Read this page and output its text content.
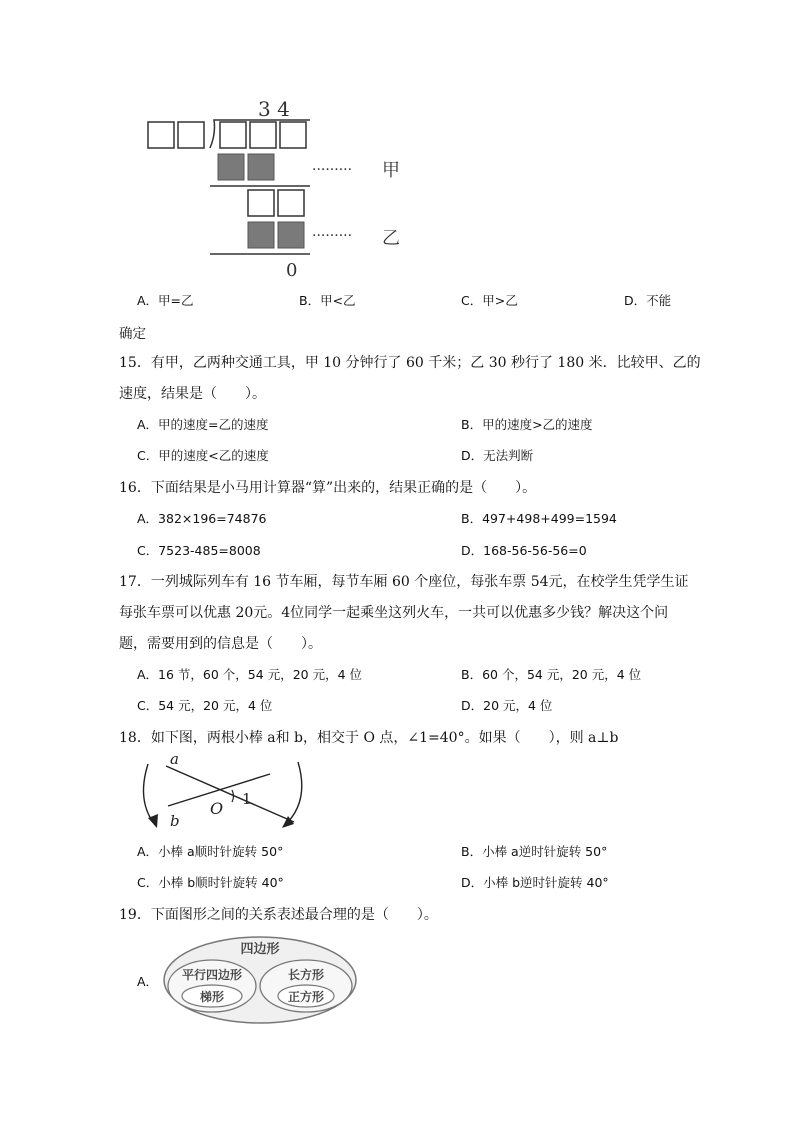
3 4
········· 甲
········· 乙
0
A．甲=乙	B．甲<乙	C．甲>乙	D．不能
确定
15．有甲，乙两种交通工具，甲 10 分钟行了 60 千米；乙 30 秒行了 180 米．比较甲、乙的
速度，结果是（　　）。
A．甲的速度=乙的速度	B．甲的速度>乙的速度
C．甲的速度<乙的速度	D．无法判断
16．下面结果是小马用计算器“算”出来的，结果正确的是（　　）。
A．382×196=74876	B．497+498+499=1594
C．7523-485=8008	D．168-56-56-56=0
17．一列城际列车有 16 节车厢，每节车厢 60 个座位，每张车票 54元，在校学生凭学生证
每张车票可以优惠 20元。4位同学一起乘坐这列火车，一共可以优惠多少钱？解决这个问
题，需要用到的信息是（　　）。
A．16 节，60 个，54 元，20 元，4 位	B．60 个，54 元，20 元，4 位
C．54 元，20 元，4 位	D．20 元，4 位
18．如下图，两根小棒 a和 b，相交于 O 点，∠1=40°。如果（　　），则 a⊥b
a
b
O 1
A．小棒 a顺时针旋转 50°	B．小棒 a逆时针旋转 50°
C．小棒 b顺时针旋转 40°	D．小棒 b逆时针旋转 40°
19．下面图形之间的关系表述最合理的是（　　）。
A．
四边形
平行四边形
梯形
长方形
正方形
